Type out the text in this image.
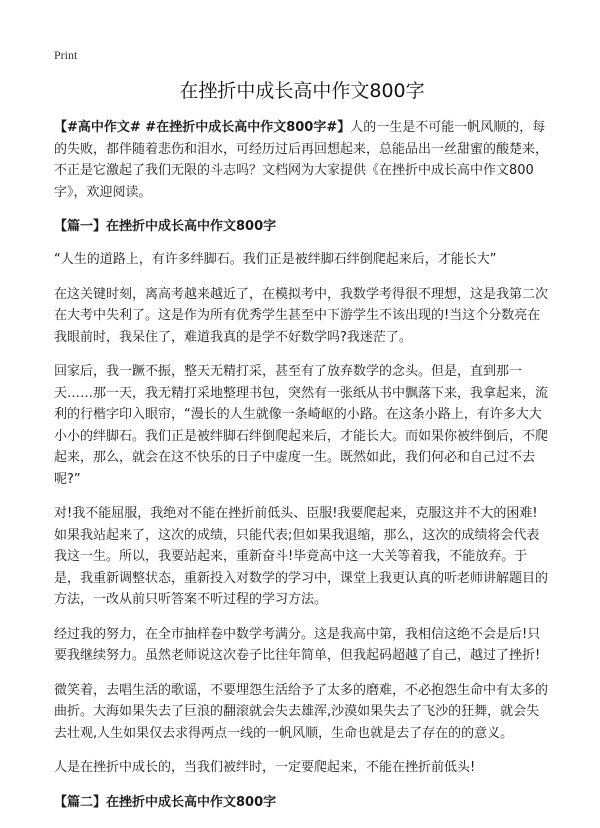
Print
在挫折中成长高中作文800字

【#高中作文# #在挫折中成长高中作文800字#】人的一生是不可能一帆风顺的，每的失败，都伴随着悲伤和泪水，可经历过后再回想起来，总能品出一丝甜蜜的酸楚来，不正是它激起了我们无限的斗志吗？文档网为大家提供《在挫折中成长高中作文800字》，欢迎阅读。

【篇一】在挫折中成长高中作文800字

“人生的道路上，有许多绊脚石。我们正是被绊脚石绊倒爬起来后，才能长大”

在这关键时刻，离高考越来越近了，在模拟考中，我数学考得很不理想，这是我第二次在大考中失利了。这是作为所有优秀学生甚至中下游学生不该出现的!当这个分数亮在我眼前时，我呆住了，难道我真的是学不好数学吗?我迷茫了。

回家后，我一蹶不振，整天无精打采，甚至有了放弃数学的念头。但是，直到那一天……那一天，我无精打采地整理书包，突然有一张纸从书中飘落下来，我拿起来，流利的行楷字印入眼帘，“漫长的人生就像一条崎岖的小路。在这条小路上，有许多大大小小的绊脚石。我们正是被绊脚石绊倒爬起来后，才能长大。而如果你被绊倒后，不爬起来，那么，就会在这不快乐的日子中虚度一生。既然如此，我们何必和自己过不去呢?”

对!我不能屈服，我绝对不能在挫折前低头、臣服!我要爬起来，克服这并不大的困难!如果我站起来了，这次的成绩，只能代表;但如果我退缩，那么，这次的成绩将会代表我这一生。所以，我要站起来，重新奋斗!毕竟高中这一大关等着我，不能放弃。于是，我重新调整状态，重新投入对数学的学习中，课堂上我更认真的听老师讲解题目的方法，一改从前只听答案不听过程的学习方法。

经过我的努力，在全市抽样卷中数学考满分。这是我高中第，我相信这绝不会是后!只要我继续努力。虽然老师说这次卷子比往年简单，但我起码超越了自己，越过了挫折!

微笑着，去唱生活的歌谣，不要埋怨生活给予了太多的磨难，不必抱怨生命中有太多的曲折。大海如果失去了巨浪的翻滚就会失去雄浑,沙漠如果失去了飞沙的狂舞，就会失去壮观,人生如果仅去求得两点一线的一帆风顺，生命也就是去了存在的的意义。

人是在挫折中成长的，当我们被绊时，一定要爬起来，不能在挫折前低头!

【篇二】在挫折中成长高中作文800字
